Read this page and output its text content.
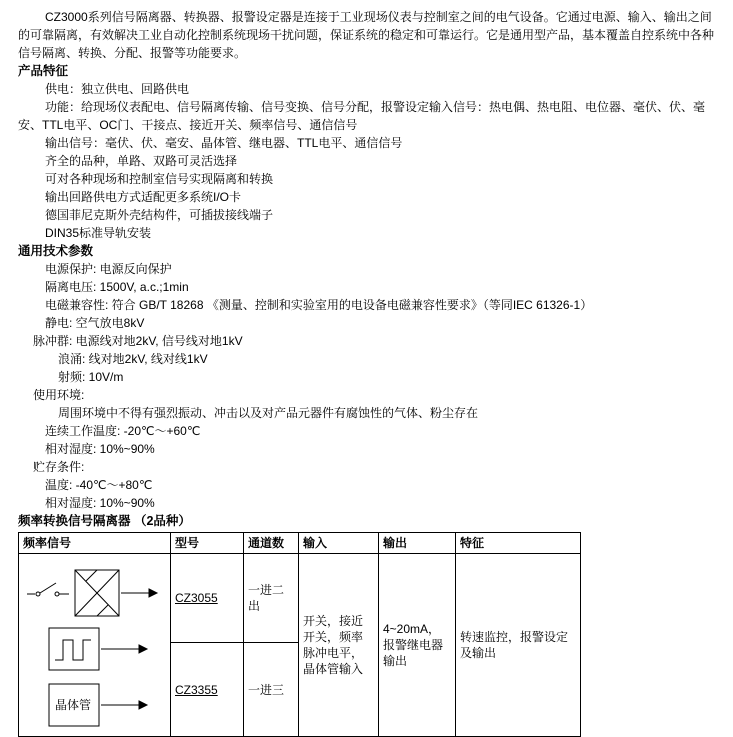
CZ3000系列信号隔离器、转换器、报警设定器是连接于工业现场仪表与控制室之间的电气设备。它通过电源、输入、输出之间的可靠隔离，有效解决工业自动化控制系统现场干扰问题，保证系统的稳定和可靠运行。它是通用型产品，基本覆盖自控系统中各种信号隔离、转换、分配、报警等功能要求。

产品特征
供电：独立供电、回路供电
功能：给现场仪表配电、信号隔离传输、信号变换、信号分配，报警设定输入信号：热电偶、热电阻、电位器、毫伏、伏、毫安、TTL电平、OC门、干接点、接近开关、频率信号、通信信号
输出信号：毫伏、伏、毫安、晶体管、继电器、TTL电平、通信信号
齐全的品种，单路、双路可灵活选择
可对各种现场和控制室信号实现隔离和转换
输出回路供电方式适配更多系统I/O卡
德国菲尼克斯外壳结构件，可插拔接线端子
DIN35标准导轨安装
通用技术参数
电源保护: 电源反向保护
隔离电压: 1500V, a.c.;1min
电磁兼容性: 符合 GB/T 18268 《测量、控制和实验室用的电设备电磁兼容性要求》（等同IEC 61326-1）
静电: 空气放电8kV
脉冲群: 电源线对地2kV, 信号线对地1kV
浪涌: 线对地2kV, 线对线1kV
射频: 10V/m
使用环境:
周围环境中不得有强烈振动、冲击以及对产品元器件有腐蚀性的气体、粉尘存在
连续工作温度: -20℃～+60℃
相对湿度: 10%~90%
贮存条件:
温度: -40℃～+80℃
相对湿度: 10%~90%
频率转换信号隔离器 （2品种）
频率信号	型号	通道数	输入	输出	特征

晶体管	CZ3055	一进二出	开关，接近开关，频率脉冲电平，晶体管输入	4~20mA，报警继电器输出	转速监控，报警设定及输出
	CZ3355	一进三			
